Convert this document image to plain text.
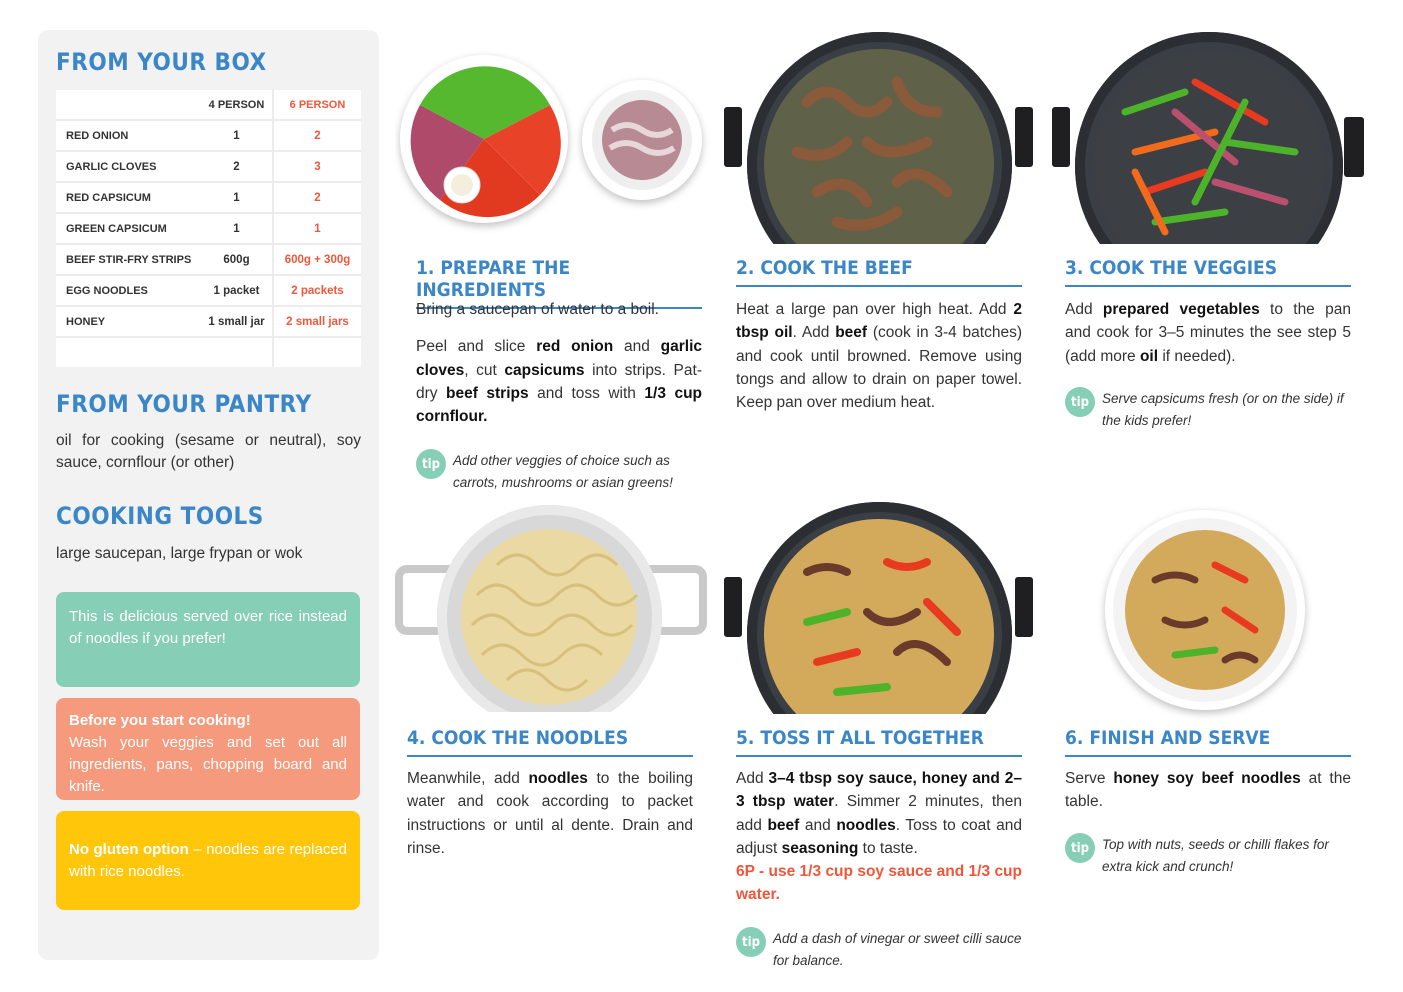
FROM YOUR BOX
	4 PERSON	6 PERSON
RED ONION	1	2
GARLIC CLOVES	2	3
RED CAPSICUM	1	2
GREEN CAPSICUM	1	1
BEEF STIR-FRY STRIPS	600g	600g + 300g
EGG NOODLES	1 packet	2 packets
HONEY	1 small jar	2 small jars

FROM YOUR PANTRY
oil for cooking (sesame or neutral), soy sauce, cornflour (or other)
COOKING TOOLS
large saucepan, large frypan or wok
This is delicious served over rice instead of noodles if you prefer!
Before you start cooking!
Wash your veggies and set out all ingredients, pans, chopping board and knife.
No gluten option – noodles are replaced with rice noodles.
1. PREPARE THE INGREDIENTS

Bring a saucepan of water to a boil.

Peel and slice red onion and garlic cloves, cut capsicums into strips. Pat-dry beef strips and toss with 1/3 cup cornflour.

tip Add other veggies of choice such as carrots, mushrooms or asian greens!
2. COOK THE BEEF

Heat a large pan over high heat. Add 2 tbsp oil. Add beef (cook in 3-4 batches) and cook until browned. Remove using tongs and allow to drain on paper towel. Keep pan over medium heat.

3. COOK THE VEGGIES

Add prepared vegetables to the pan and cook for 3–5 minutes the see step 5 (add more oil if needed).

tip Serve capsicums fresh (or on the side) if the kids prefer!
4. COOK THE NOODLES

Meanwhile, add noodles to the boiling water and cook according to packet instructions or until al dente. Drain and rinse.

5. TOSS IT ALL TOGETHER

Add 3–4 tbsp soy sauce, honey and 2–3 tbsp water. Simmer 2 minutes, then add beef and noodles. Toss to coat and adjust seasoning to taste.

6P - use 1/3 cup soy sauce and 1/3 cup water.

tip Add a dash of vinegar or sweet cilli sauce for balance.
6. FINISH AND SERVE

Serve honey soy beef noodles at the table.

tip Top with nuts, seeds or chilli flakes for extra kick and crunch!
